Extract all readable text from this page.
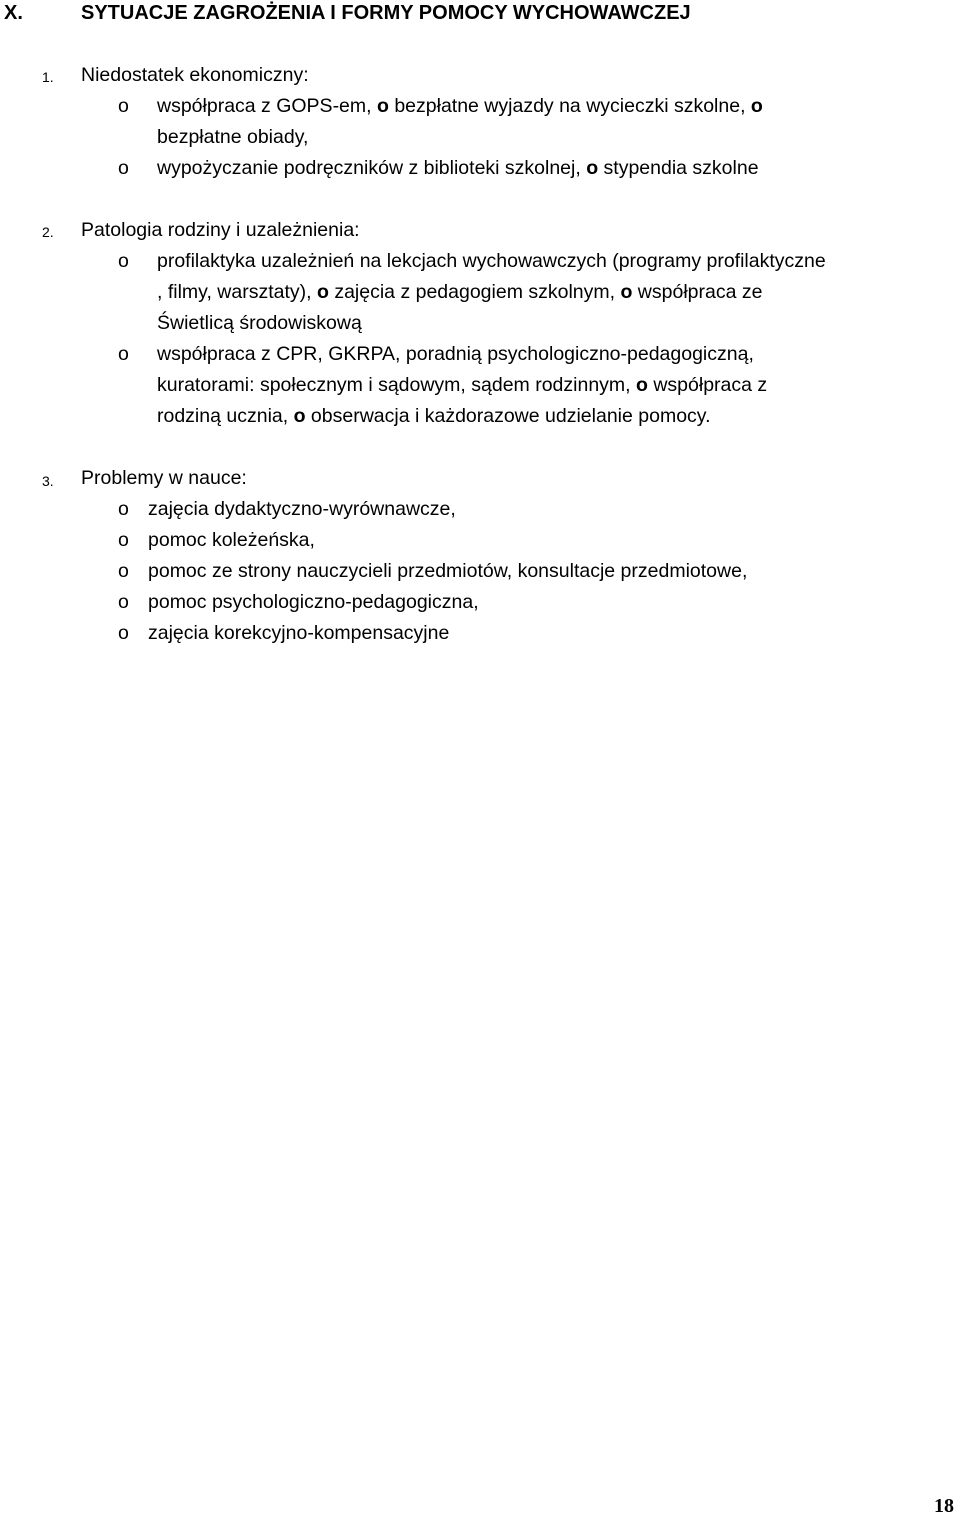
X.	SYTUACJE ZAGROŻENIA I FORMY POMOCY WYCHOWAWCZEJ
1. Niedostatek ekonomiczny:
o współpraca z GOPS-em, o bezpłatne wyjazdy na wycieczki szkolne, o
bezpłatne obiady,
o wypożyczanie podręczników z biblioteki szkolnej, o stypendia szkolne
2. Patologia rodziny i uzależnienia:
o profilaktyka uzależnień na lekcjach wychowawczych (programy profilaktyczne
, filmy, warsztaty), o zajęcia z pedagogiem szkolnym, o współpraca ze
Świetlicą środowiskową
o współpraca z CPR, GKRPA, poradnią psychologiczno-pedagogiczną,
kuratorami: społecznym i sądowym, sądem rodzinnym, o współpraca z
rodziną ucznia, o obserwacja i każdorazowe udzielanie pomocy.
3. Problemy w nauce:
o zajęcia dydaktyczno-wyrównawcze,
o pomoc koleżeńska,
o pomoc ze strony nauczycieli przedmiotów, konsultacje przedmiotowe,
o pomoc psychologiczno-pedagogiczna,
o zajęcia korekcyjno-kompensacyjne
18
